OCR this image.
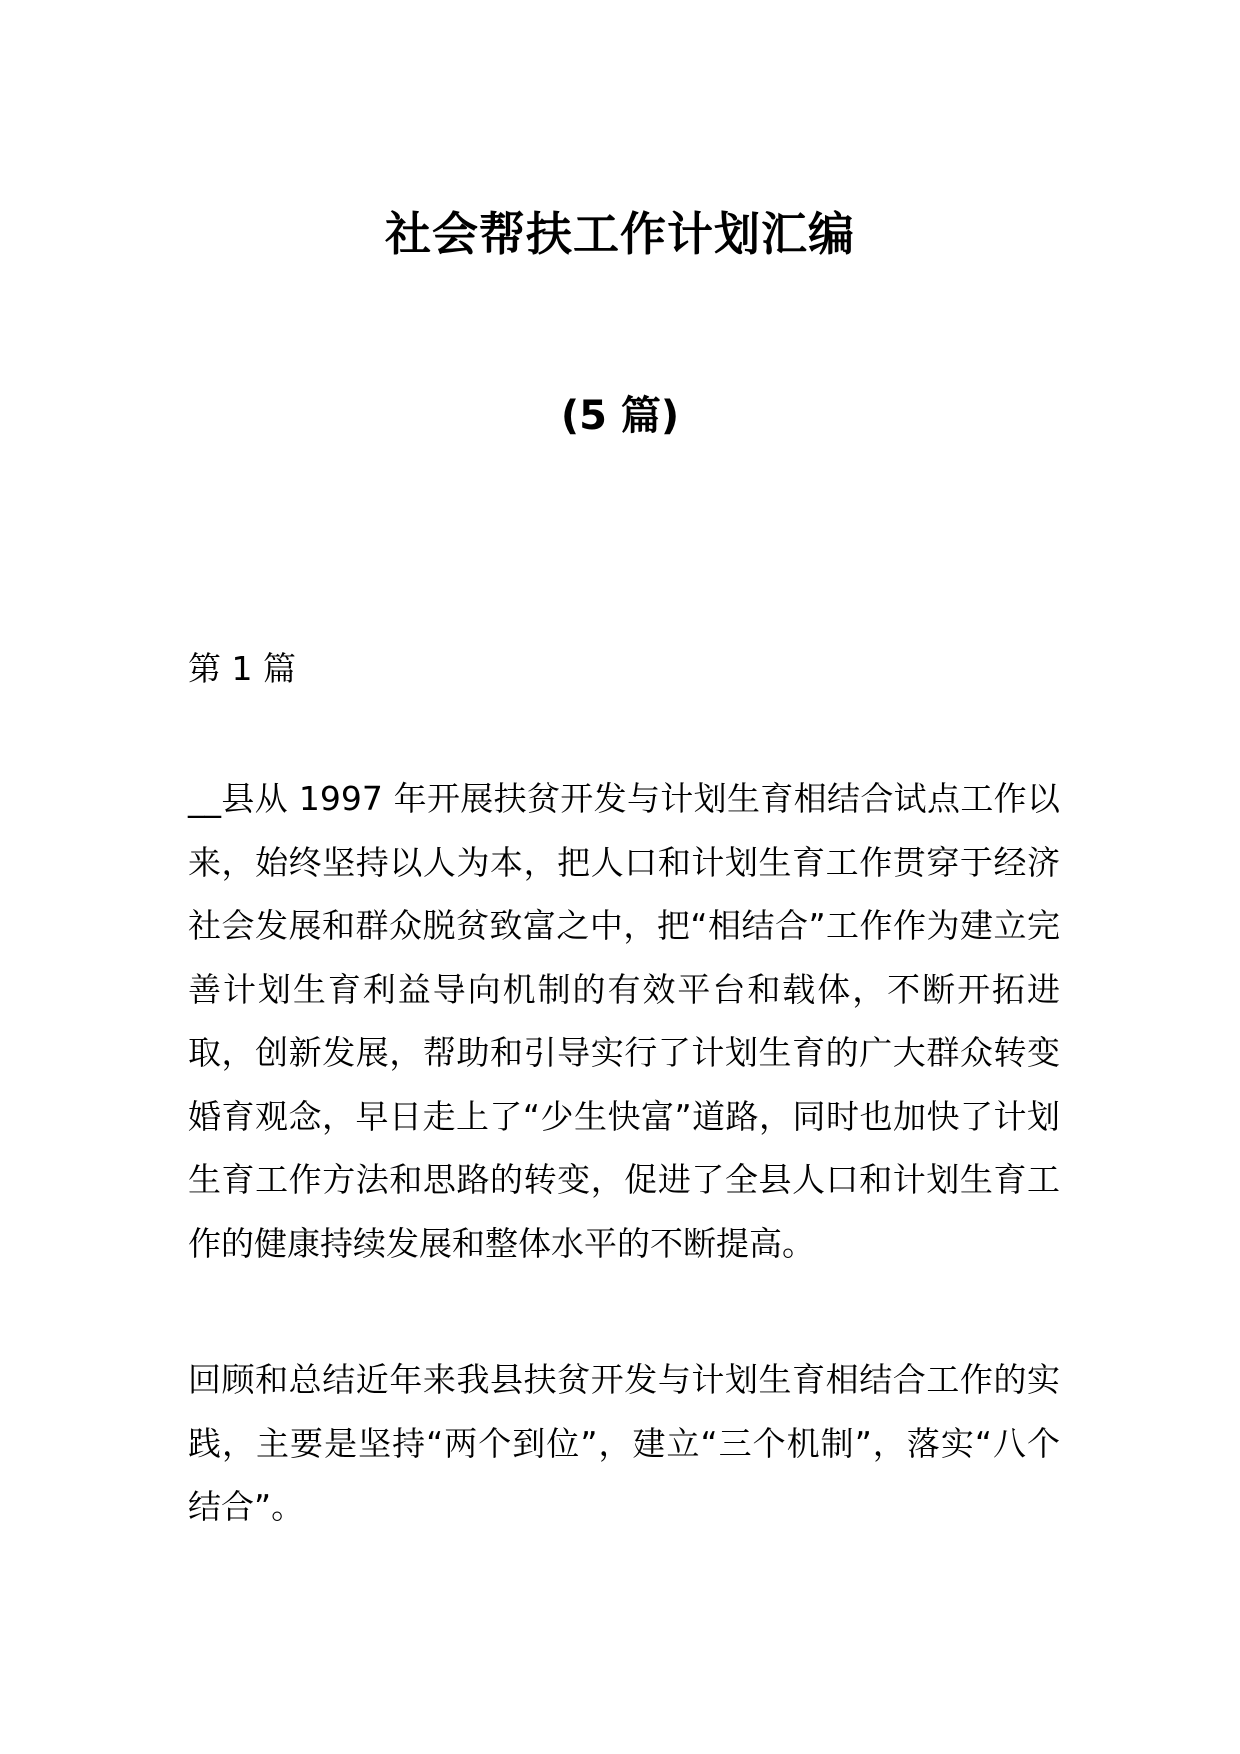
社会帮扶工作计划汇编
(5 篇)
第 1 篇
__县从 1997 年开展扶贫开发与计划生育相结合试点工作以来，始终坚持以人为本，把人口和计划生育工作贯穿于经济社会发展和群众脱贫致富之中，把“相结合”工作作为建立完善计划生育利益导向机制的有效平台和载体，不断开拓进取，创新发展，帮助和引导实行了计划生育的广大群众转变婚育观念，早日走上了“少生快富”道路，同时也加快了计划生育工作方法和思路的转变，促进了全县人口和计划生育工作的健康持续发展和整体水平的不断提高。
回顾和总结近年来我县扶贫开发与计划生育相结合工作的实践，主要是坚持“两个到位”，建立“三个机制”，落实“八个结合”。
